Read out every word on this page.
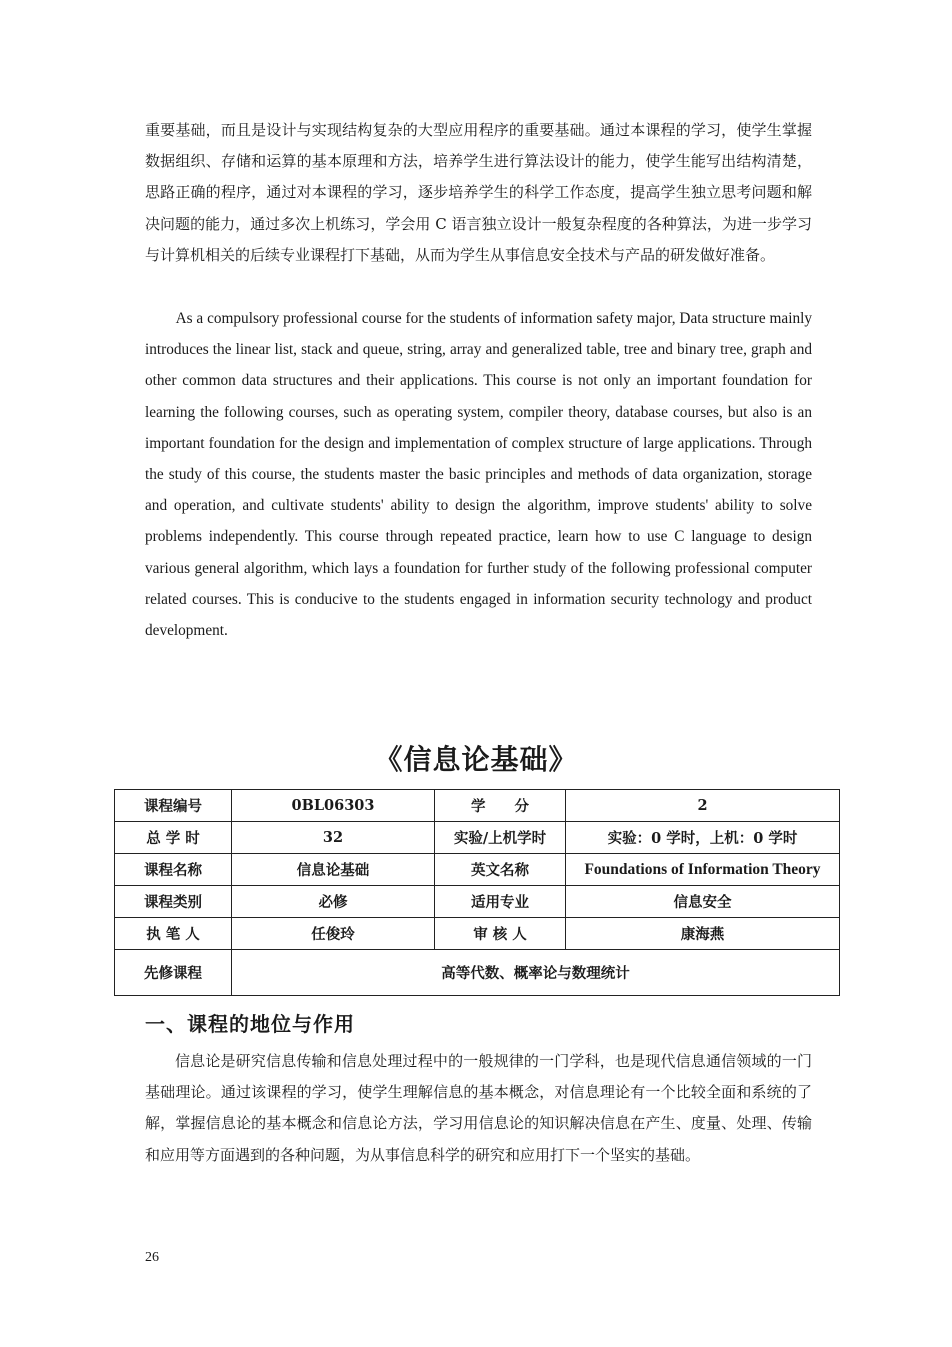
重要基础，而且是设计与实现结构复杂的大型应用程序的重要基础。通过本课程的学习，使学生掌握数据组织、存储和运算的基本原理和方法，培养学生进行算法设计的能力，使学生能写出结构清楚，思路正确的程序，通过对本课程的学习，逐步培养学生的科学工作态度，提高学生独立思考问题和解决问题的能力，通过多次上机练习，学会用 C 语言独立设计一般复杂程度的各种算法，为进一步学习与计算机相关的后续专业课程打下基础，从而为学生从事信息安全技术与产品的研发做好准备。

As a compulsory professional course for the students of information safety major, Data structure mainly introduces the linear list, stack and queue, string, array and generalized table, tree and binary tree, graph and other common data structures and their applications. This course is not only an important foundation for learning the following courses, such as operating system, compiler theory, database courses, but also is an important foundation for the design and implementation of complex structure of large applications. Through the study of this course, the students master the basic principles and methods of data organization, storage and operation, and cultivate students' ability to design the algorithm, improve students' ability to solve problems independently. This course through repeated practice, learn how to use C language to design various general algorithm, which lays a foundation for further study of the following professional computer related courses. This is conducive to the students engaged in information security technology and product development.

《信息论基础》
课程编号	0BL06303	学　　分	2
总 学 时	32	实验/上机学时	实验：0 学时，上机：0 学时
课程名称	信息论基础	英文名称	Foundations of Information Theory
课程类别	必修	适用专业	信息安全
执 笔 人	任俊玲	审 核 人	康海燕
先修课程	高等代数、概率论与数理统计		
一、课程的地位与作用

信息论是研究信息传输和信息处理过程中的一般规律的一门学科，也是现代信息通信领域的一门基础理论。通过该课程的学习，使学生理解信息的基本概念，对信息理论有一个比较全面和系统的了解，掌握信息论的基本概念和信息论方法，学习用信息论的知识解决信息在产生、度量、处理、传输和应用等方面遇到的各种问题，为从事信息科学的研究和应用打下一个坚实的基础。

26
